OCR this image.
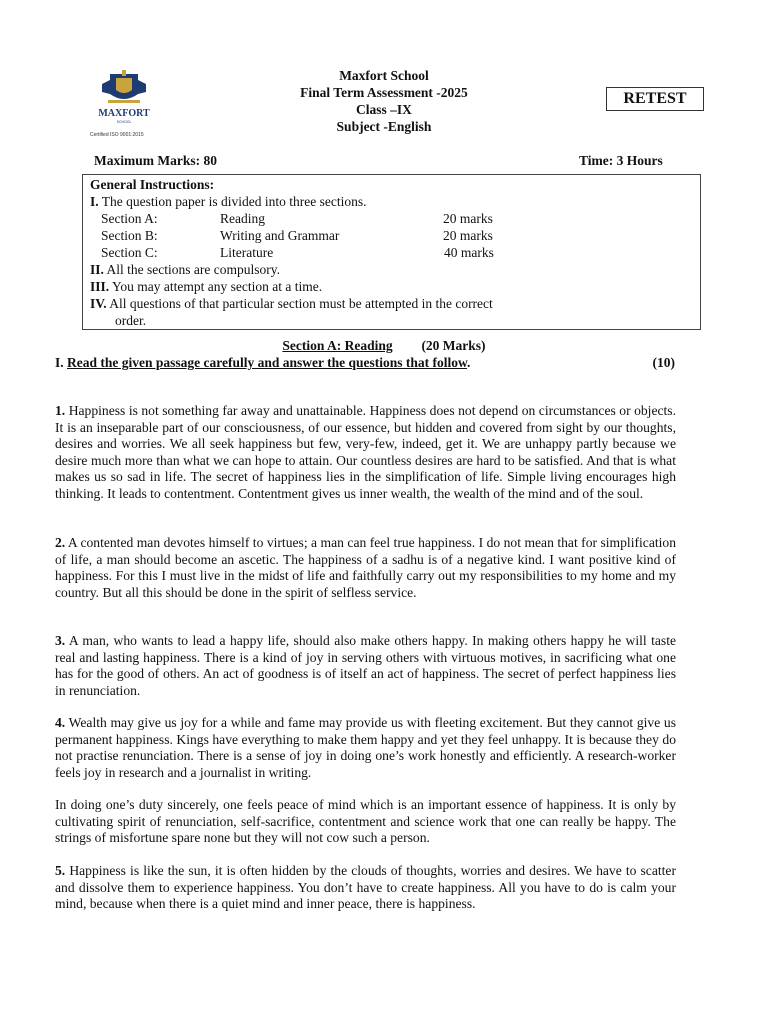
MAXFORT
SCHOOL
Certified ISO 9001:2015
Maxfort School
Final Term Assessment -2025
Class –IX
Subject -English
RETEST
Maximum Marks: 80	Time: 3 Hours
General Instructions:
I. The question paper is divided into three sections.
Section A:	Reading	20 marks
Section B:	Writing and Grammar	20 marks
Section C:	Literature	40 marks
II. All the sections are compulsory.
III. You may attempt any section at a time.
IV. All questions of that particular section must be attempted in the correct
order.
Section A: Reading (20 Marks)
I. Read the given passage carefully and answer the questions that follow.	(10)
1. Happiness is not something far away and unattainable. Happiness does not depend on circumstances or objects. It is an inseparable part of our consciousness, of our essence, but hidden and covered from sight by our thoughts, desires and worries. We all seek happiness but few, very-few, indeed, get it. We are unhappy partly because we desire much more than what we can hope to attain. Our countless desires are hard to be satisfied. And that is what makes us so sad in life. The secret of happiness lies in the simplification of life. Simple living encourages high thinking. It leads to contentment. Contentment gives us inner wealth, the wealth of the mind and of the soul.
2. A contented man devotes himself to virtues; a man can feel true happiness. I do not mean that for simplification of life, a man should become an ascetic. The happiness of a sadhu is of a negative kind. I want positive kind of happiness. For this I must live in the midst of life and faithfully carry out my responsibilities to my home and my country. But all this should be done in the spirit of selfless service.
3. A man, who wants to lead a happy life, should also make others happy. In making others happy he will taste real and lasting happiness. There is a kind of joy in serving others with virtuous motives, in sacrificing what one has for the good of others. An act of goodness is of itself an act of happiness. The secret of perfect happiness lies in renunciation.
4. Wealth may give us joy for a while and fame may provide us with fleeting excitement. But they cannot give us permanent happiness. Kings have everything to make them happy and yet they feel unhappy. It is because they do not practise renunciation. There is a sense of joy in doing one’s work honestly and efficiently. A research-worker feels joy in research and a journalist in writing.
In doing one’s duty sincerely, one feels peace of mind which is an important essence of happiness. It is only by cultivating spirit of renunciation, self-sacrifice, contentment and science work that one can really be happy. The strings of misfortune spare none but they will not cow such a person.
5. Happiness is like the sun, it is often hidden by the clouds of thoughts, worries and desires. We have to scatter and dissolve them to experience happiness. You don’t have to create happiness. All you have to do is calm your mind, because when there is a quiet mind and inner peace, there is happiness.
